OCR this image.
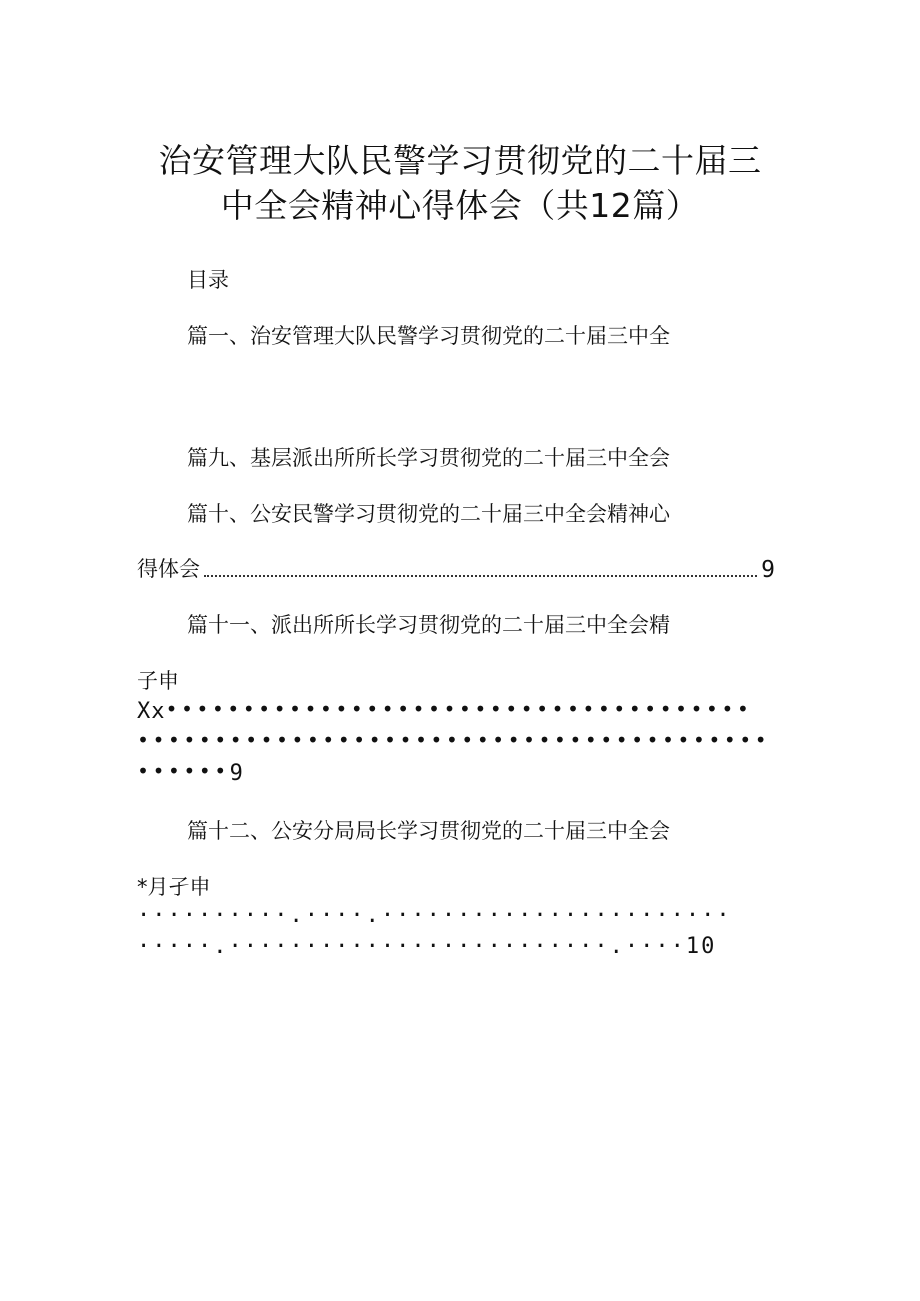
治安管理大队民警学习贯彻党的二十届三
中全会精神心得体会（共12篇）
目录
篇一、治安管理大队民警学习贯彻党的二十届三中全
篇九、基层派出所所长学习贯彻党的二十届三中全会
篇十、公安民警学习贯彻党的二十届三中全会精神心
得体会	9
篇十一、派出所所长学习贯彻党的二十届三中全会精
子申
Xx••••••••••••••••••••••••••••••••••••••
•••••••••••••••••••••••••••••••••••••••••
••••••9
篇十二、公安分局局长学习贯彻党的二十届三中全会
*月孑申
··········.····.·······················
·····.·························.····10
